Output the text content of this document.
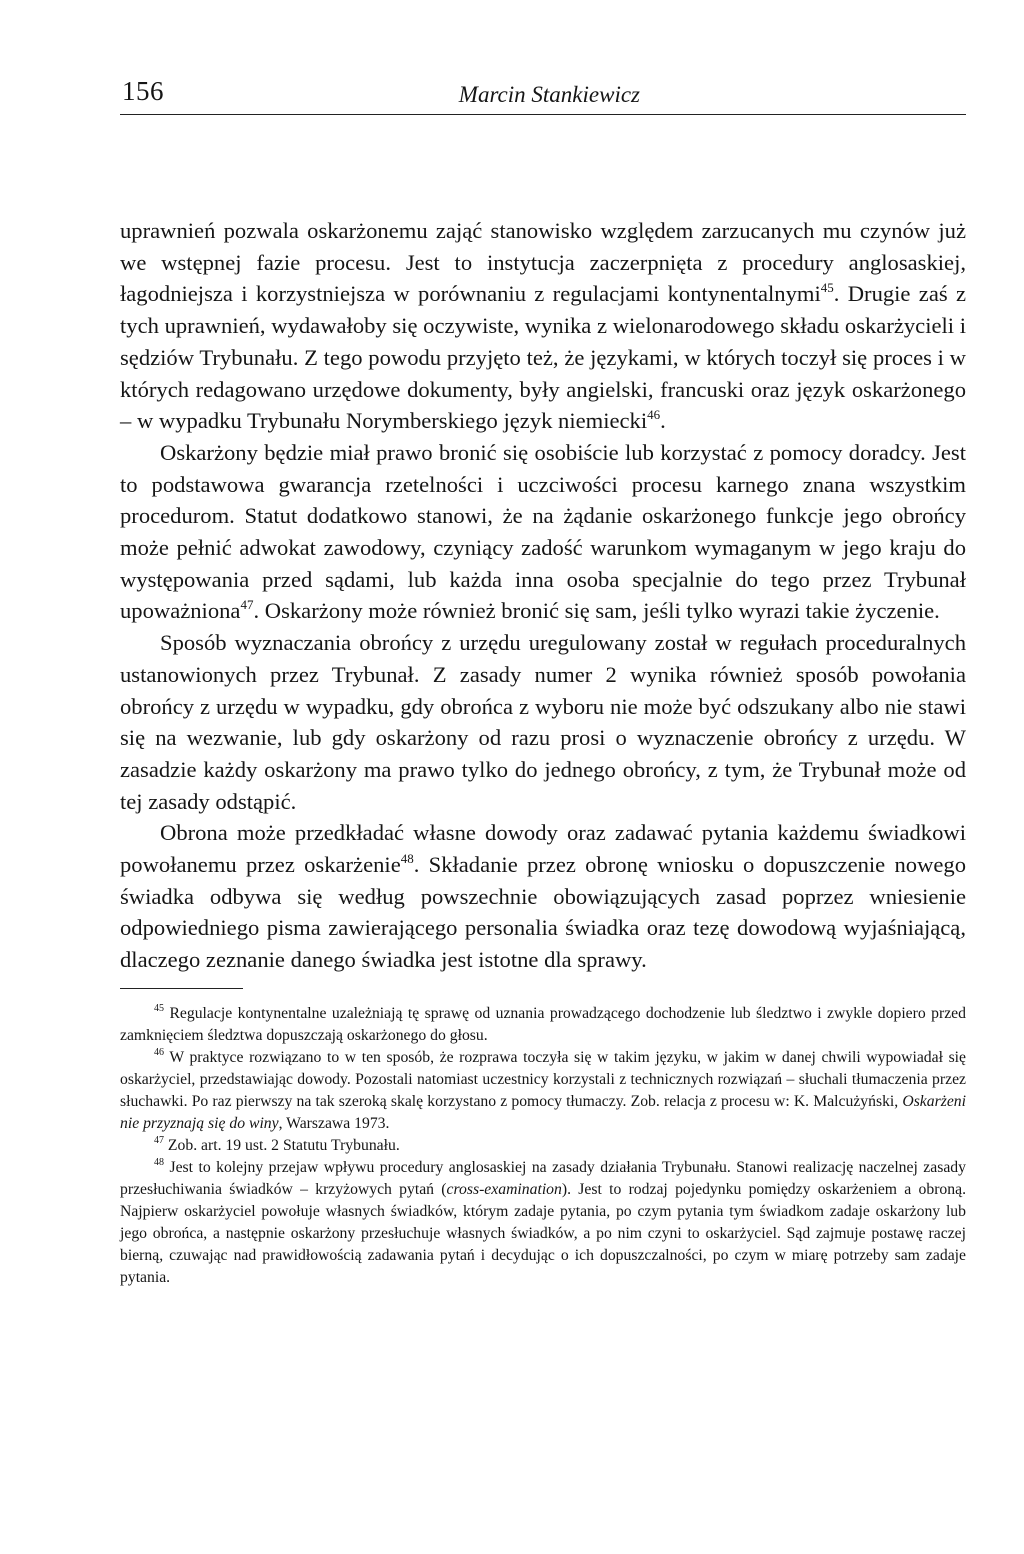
156	Marcin Stankiewicz

uprawnień pozwala oskarżonemu zająć stanowisko względem zarzucanych mu czynów już we wstępnej fazie procesu. Jest to instytucja zaczerpnięta z procedury anglosaskiej, łagodniejsza i korzystniejsza w porównaniu z regulacjami kontynentalnymi$^{45}$. Drugie zaś z tych uprawnień, wydawałoby się oczywiste, wynika z wielonarodowego składu oskarżycieli i sędziów Trybunału. Z tego powodu przyjęto też, że językami, w których toczył się proces i w których redagowano urzędowe dokumenty, były angielski, francuski oraz język oskarżonego – w wypadku Trybunału Norymberskiego język niemiecki$^{46}$.

Oskarżony będzie miał prawo bronić się osobiście lub korzystać z pomocy doradcy. Jest to podstawowa gwarancja rzetelności i uczciwości procesu karnego znana wszystkim procedurom. Statut dodatkowo stanowi, że na żądanie oskarżonego funkcje jego obrońcy może pełnić adwokat zawodowy, czyniący zadość warunkom wymaganym w jego kraju do występowania przed sądami, lub każda inna osoba specjalnie do tego przez Trybunał upoważniona$^{47}$. Oskarżony może również bronić się sam, jeśli tylko wyrazi takie życzenie.

Sposób wyznaczania obrońcy z urzędu uregulowany został w regułach proceduralnych ustanowionych przez Trybunał. Z zasady numer 2 wynika również sposób powołania obrońcy z urzędu w wypadku, gdy obrońca z wyboru nie może być odszukany albo nie stawi się na wezwanie, lub gdy oskarżony od razu prosi o wyznaczenie obrońcy z urzędu. W zasadzie każdy oskarżony ma prawo tylko do jednego obrońcy, z tym, że Trybunał może od tej zasady odstąpić.

Obrona może przedkładać własne dowody oraz zadawać pytania każdemu świadkowi powołanemu przez oskarżenie$^{48}$. Składanie przez obronę wniosku o dopuszczenie nowego świadka odbywa się według powszechnie obowiązujących zasad poprzez wniesienie odpowiedniego pisma zawierającego personalia świadka oraz tezę dowodową wyjaśniającą, dlaczego zeznanie danego świadka jest istotne dla sprawy.

$^{45}$ Regulacje kontynentalne uzależniają tę sprawę od uznania prowadzącego dochodzenie lub śledztwo i zwykle dopiero przed zamknięciem śledztwa dopuszczają oskarżonego do głosu.

$^{46}$ W praktyce rozwiązano to w ten sposób, że rozprawa toczyła się w takim języku, w jakim w danej chwili wypowiadał się oskarżyciel, przedstawiając dowody. Pozostali natomiast uczestnicy korzystali z technicznych rozwiązań – słuchali tłumaczenia przez słuchawki. Po raz pierwszy na tak szeroką skalę korzystano z pomocy tłumaczy. Zob. relacja z procesu w: K. Malcużyński, Oskarżeni nie przyznają się do winy, Warszawa 1973.

$^{47}$ Zob. art. 19 ust. 2 Statutu Trybunału.

$^{48}$ Jest to kolejny przejaw wpływu procedury anglosaskiej na zasady działania Trybunału. Stanowi realizację naczelnej zasady przesłuchiwania świadków – krzyżowych pytań (cross-examination). Jest to rodzaj pojedynku pomiędzy oskarżeniem a obroną. Najpierw oskarżyciel powołuje własnych świadków, którym zadaje pytania, po czym pytania tym świadkom zadaje oskarżony lub jego obrońca, a następnie oskarżony przesłuchuje własnych świadków, a po nim czyni to oskarżyciel. Sąd zajmuje postawę raczej bierną, czuwając nad prawidłowością zadawania pytań i decydując o ich dopuszczalności, po czym w miarę potrzeby sam zadaje pytania.
